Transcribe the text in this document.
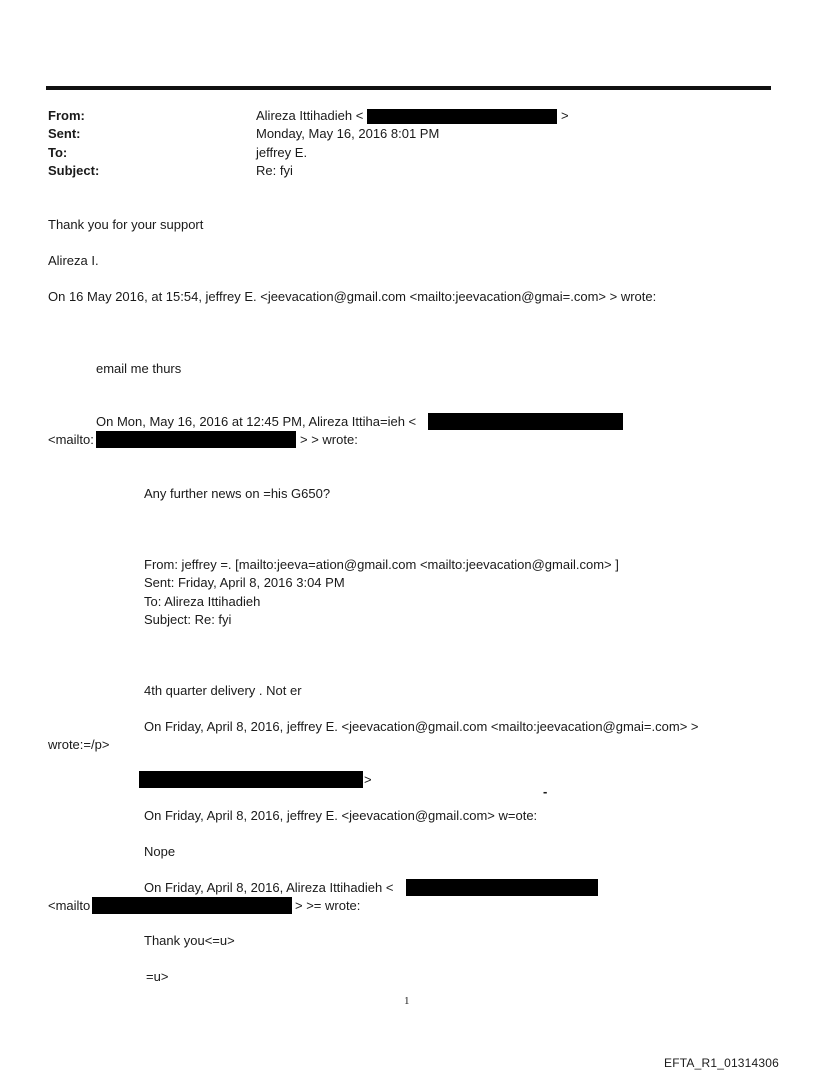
From:	Alireza Ittihadieh <	>
Sent:	Monday, May 16, 2016 8:01 PM
To:	jeffrey E.
Subject:	Re: fyi
Thank you for your support
Alireza I.
On 16 May 2016, at 15:54, jeffrey E. <jeevacation@gmail.com <mailto:jeevacation@gmai=.com> > wrote:
email me thurs
On Mon, May 16, 2016 at 12:45 PM, Alireza Ittiha=ieh <
<mailto:	> > wrote:
Any further news on =his G650?
From: jeffrey =. [mailto:jeeva=ation@gmail.com <mailto:jeevacation@gmail.com> ]
Sent: Friday, April 8, 2016 3:04 PM
To: Alireza Ittihadieh
Subject: Re: fyi
4th quarter delivery . Not er
On Friday, April 8, 2016, jeffrey E. <jeevacation@gmail.com <mailto:jeevacation@gmai=.com> >
wrote:=/p>
>
-
On Friday, April 8, 2016, jeffrey E. <jeevacation@gmail.com> w=ote:
Nope
On Friday, April 8, 2016, Alireza Ittihadieh <
<mailto	> >= wrote:
Thank you<=u>
=u>
1
EFTA_R1_01314306
